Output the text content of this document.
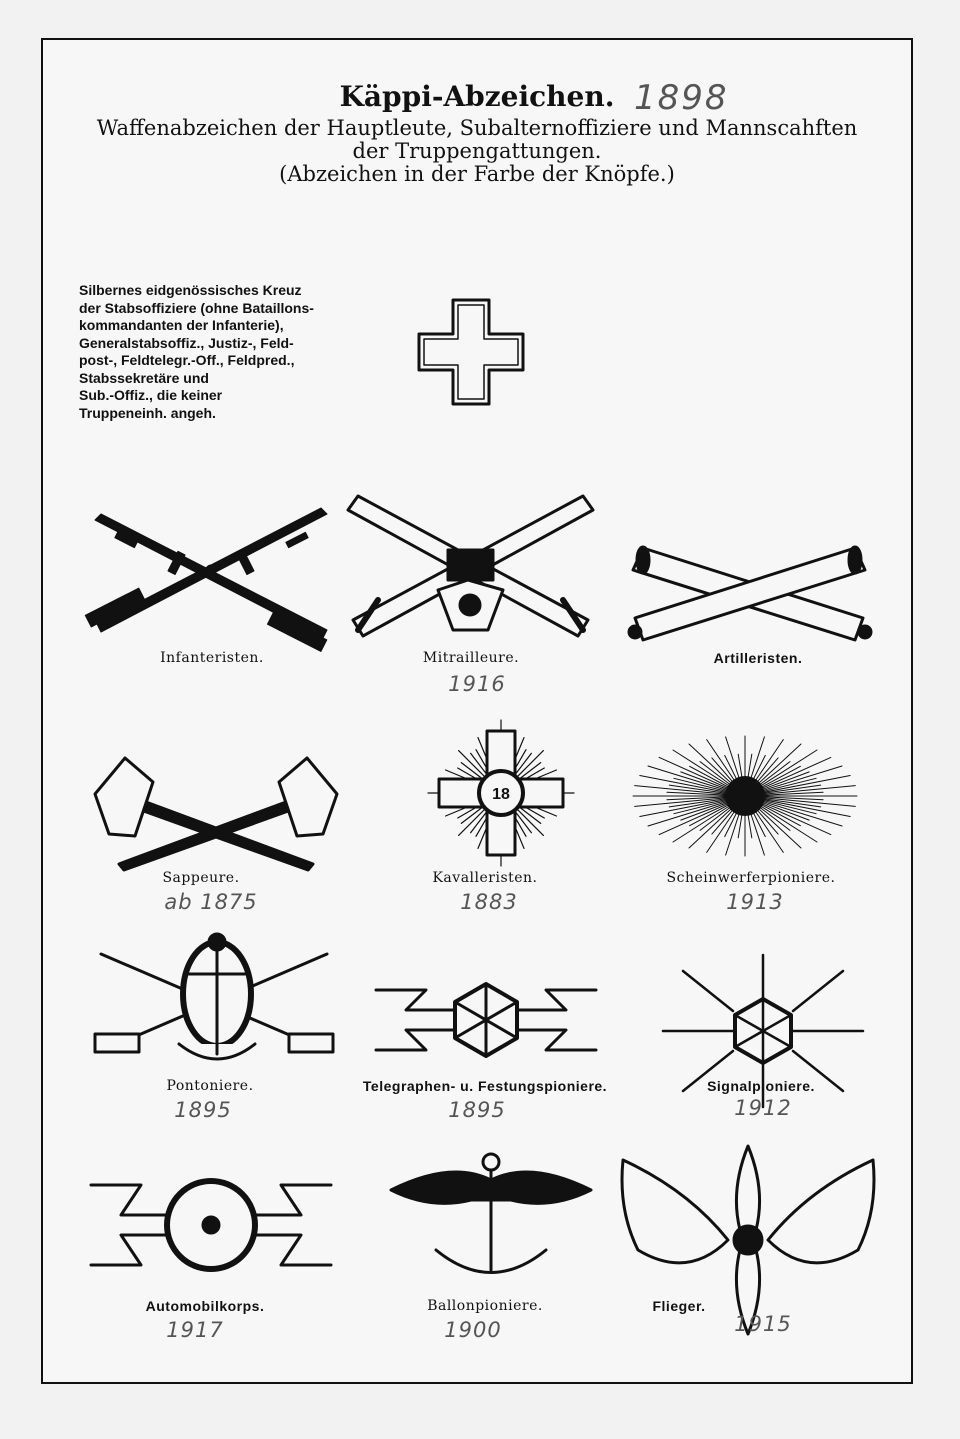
Käppi-Abzeichen. 1898
Waffenabzeichen der Hauptleute, Subalternoffiziere und Mannscahften
der Truppengattungen.
(Abzeichen in der Farbe der Knöpfe.)
Silbernes eidgenössisches Kreuz
der Stabsoffiziere (ohne Bataillons-
kommandanten der Infanterie),
Generalstabsoffiz., Justiz-, Feld-
post-, Feldtelegr.-Off., Feldpred.,
Stabssekretäre und
Sub.-Offiz., die keiner
Truppeneinh. angeh.
Infanteristen.	Mitrailleure.	Artilleristen.
1916
18
Sappeure.	Kavalleristen.	Scheinwerferpioniere.
ab 1875	1883	1913
Pontoniere.	Telegraphen- u. Festungspioniere.	Signalpioniere.
1895	1895	1912
Automobilkorps.	Ballonpioniere.	Flieger.
1917	1900	1915
